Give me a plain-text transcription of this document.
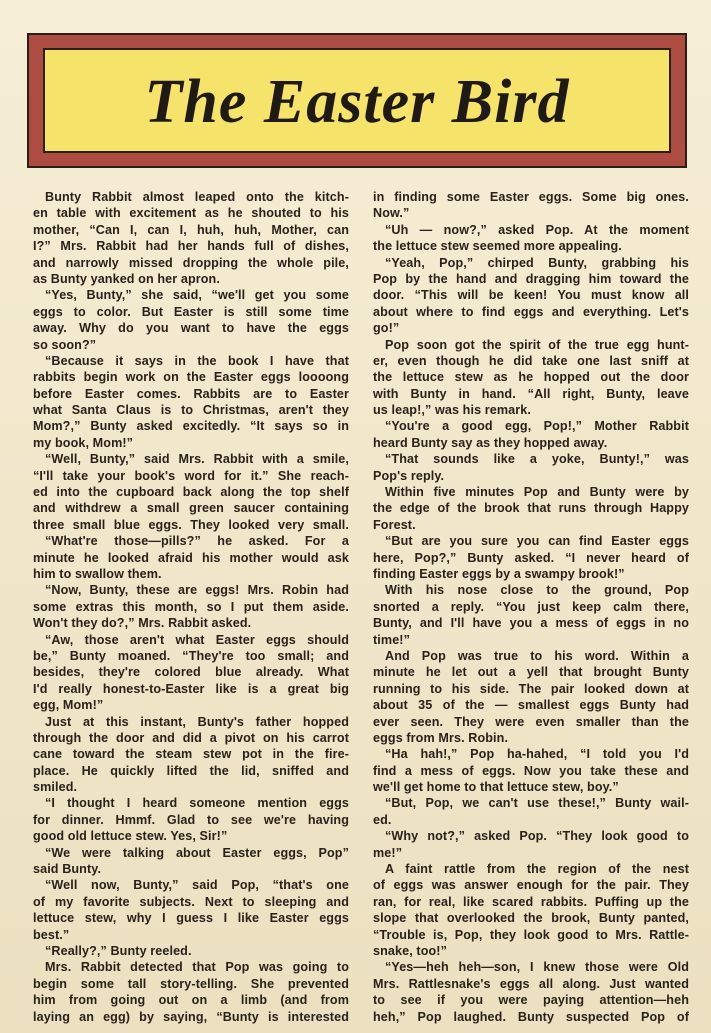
The Easter Bird
Bunty Rabbit almost leaped onto the kitch-
en table with excitement as he shouted to his
mother, “Can I, can I, huh, huh, Mother, can
I?” Mrs. Rabbit had her hands full of dishes,
and narrowly missed dropping the whole pile,
as Bunty yanked on her apron.
“Yes, Bunty,” she said, “we'll get you some
eggs to color. But Easter is still some time
away. Why do you want to have the eggs
so soon?”
“Because it says in the book I have that
rabbits begin work on the Easter eggs loooong
before Easter comes. Rabbits are to Easter
what Santa Claus is to Christmas, aren't they
Mom?,” Bunty asked excitedly. “It says so in
my book, Mom!”
“Well, Bunty,” said Mrs. Rabbit with a smile,
“I'll take your book's word for it.” She reach-
ed into the cupboard back along the top shelf
and withdrew a small green saucer containing
three small blue eggs. They looked very small.
“What're those—pills?” he asked. For a
minute he looked afraid his mother would ask
him to swallow them.
“Now, Bunty, these are eggs! Mrs. Robin had
some extras this month, so I put them aside.
Won't they do?,” Mrs. Rabbit asked.
“Aw, those aren't what Easter eggs should
be,” Bunty moaned. “They're too small; and
besides, they're colored blue already. What
I'd really honest-to-Easter like is a great big
egg, Mom!”
Just at this instant, Bunty's father hopped
through the door and did a pivot on his carrot
cane toward the steam stew pot in the fire-
place. He quickly lifted the lid, sniffed and
smiled.
“I thought I heard someone mention eggs
for dinner. Hmmf. Glad to see we're having
good old lettuce stew. Yes, Sir!”
“We were talking about Easter eggs, Pop”
said Bunty.
“Well now, Bunty,” said Pop, “that's one
of my favorite subjects. Next to sleeping and
lettuce stew, why I guess I like Easter eggs
best.”
“Really?,” Bunty reeled.
Mrs. Rabbit detected that Pop was going to
begin some tall story-telling. She prevented
him from going out on a limb (and from
laying an egg) by saying, “Bunty is interested
in finding some Easter eggs. Some big ones.
Now.”
“Uh — now?,” asked Pop. At the moment
the lettuce stew seemed more appealing.
“Yeah, Pop,” chirped Bunty, grabbing his
Pop by the hand and dragging him toward the
door. “This will be keen! You must know all
about where to find eggs and everything. Let's
go!”
Pop soon got the spirit of the true egg hunt-
er, even though he did take one last sniff at
the lettuce stew as he hopped out the door
with Bunty in hand. “All right, Bunty, leave
us leap!,” was his remark.
“You're a good egg, Pop!,” Mother Rabbit
heard Bunty say as they hopped away.
“That sounds like a yoke, Bunty!,” was
Pop's reply.
Within five minutes Pop and Bunty were by
the edge of the brook that runs through Happy
Forest.
“But are you sure you can find Easter eggs
here, Pop?,” Bunty asked. “I never heard of
finding Easter eggs by a swampy brook!”
With his nose close to the ground, Pop
snorted a reply. “You just keep calm there,
Bunty, and I'll have you a mess of eggs in no
time!”
And Pop was true to his word. Within a
minute he let out a yell that brought Bunty
running to his side. The pair looked down at
about 35 of the — smallest eggs Bunty had
ever seen. They were even smaller than the
eggs from Mrs. Robin.
“Ha hah!,” Pop ha-hahed, “I told you I'd
find a mess of eggs. Now you take these and
we'll get home to that lettuce stew, boy.”
“But, Pop, we can't use these!,” Bunty wail-
ed.
“Why not?,” asked Pop. “They look good to
me!”
A faint rattle from the region of the nest
of eggs was answer enough for the pair. They
ran, for real, like scared rabbits. Puffing up the
slope that overlooked the brook, Bunty panted,
“Trouble is, Pop, they look good to Mrs. Rattle-
snake, too!”
“Yes—heh heh—son, I knew those were Old
Mrs. Rattlesnake's eggs all along. Just wanted
to see if you were paying attention—heh
heh,” Pop laughed. Bunty suspected Pop of
